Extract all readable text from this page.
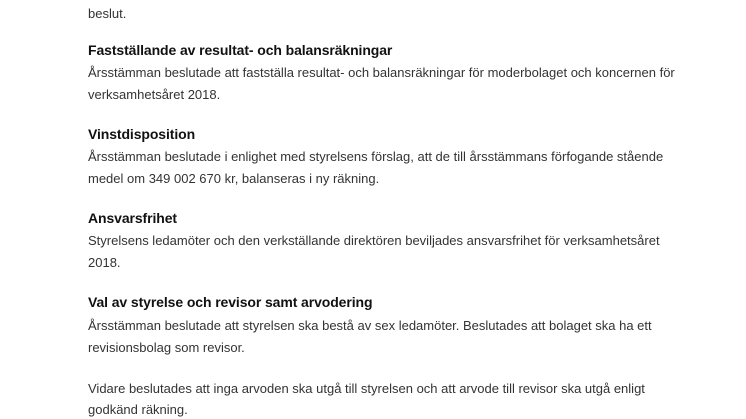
beslut.
Fastställande av resultat- och balansräkningar
Årsstämman beslutade att fastställa resultat- och balansräkningar för moderbolaget och koncernen för
verksamhetsåret 2018.
Vinstdisposition
Årsstämman beslutade i enlighet med styrelsens förslag, att de till årsstämmans förfogande stående
medel om 349 002 670 kr, balanseras i ny räkning.
Ansvarsfrihet
Styrelsens ledamöter och den verkställande direktören beviljades ansvarsfrihet för verksamhetsåret
2018.
Val av styrelse och revisor samt arvodering
Årsstämman beslutade att styrelsen ska bestå av sex ledamöter. Beslutades att bolaget ska ha ett
revisionsbolag som revisor.
Vidare beslutades att inga arvoden ska utgå till styrelsen och att arvode till revisor ska utgå enligt
godkänd räkning.
